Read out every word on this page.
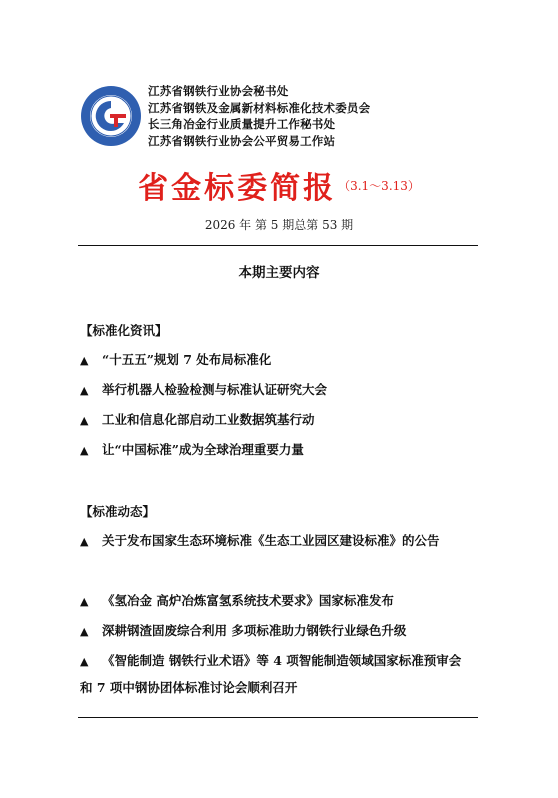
江苏省钢铁行业协会秘书处
江苏省钢铁及金属新材料标准化技术委员会
长三角冶金行业质量提升工作秘书处
江苏省钢铁行业协会公平贸易工作站
省金标委简报 （3.1～3.13）
2026 年 第 5 期总第 53 期
本期主要内容
【标准化资讯】
▲ “十五五”规划 7 处布局标准化
▲ 举行机器人检验检测与标准认证研究大会
▲ 工业和信息化部启动工业数据筑基行动
▲ 让“中国标准”成为全球治理重要力量
【标准动态】
▲ 关于发布国家生态环境标准《生态工业园区建设标准》的公告
▲ 《氢冶金 高炉冶炼富氢系统技术要求》国家标准发布
▲ 深耕钢渣固废综合利用 多项标准助力钢铁行业绿色升级
▲ 《智能制造 钢铁行业术语》等 4 项智能制造领域国家标准预审会和 7 项中钢协团体标准讨论会顺利召开
